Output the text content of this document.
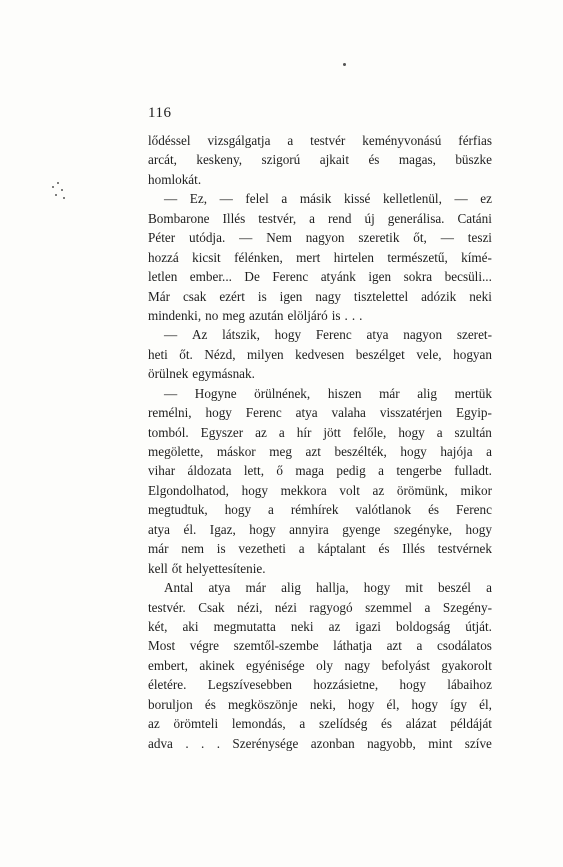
116
lődéssel vizsgálgatja a testvér keményvonású férfias
arcát, keskeny, szigorú ajkait és magas, büszke
homlokát.
— Ez, — felel a másik kissé kelletlenül, — ez
Bombarone Illés testvér, a rend új generálisa. Catáni
Péter utódja. — Nem nagyon szeretik őt, — teszi
hozzá kicsit félénken, mert hirtelen természetű, kímé-
letlen ember... De Ferenc atyánk igen sokra becsüli...
Már csak ezért is igen nagy tisztelettel adózik neki
mindenki, no meg azután elöljáró is . . .
— Az látszik, hogy Ferenc atya nagyon szeret-
heti őt. Nézd, milyen kedvesen beszélget vele, hogyan
örülnek egymásnak.
— Hogyne örülnének, hiszen már alig mertük
remélni, hogy Ferenc atya valaha visszatérjen Egyip-
tomból. Egyszer az a hír jött felőle, hogy a szultán
megölette, máskor meg azt beszélték, hogy hajója a
vihar áldozata lett, ő maga pedig a tengerbe fulladt.
Elgondolhatod, hogy mekkora volt az örömünk, mikor
megtudtuk, hogy a rémhírek valótlanok és Ferenc
atya él. Igaz, hogy annyira gyenge szegényke, hogy
már nem is vezetheti a káptalant és Illés testvérnek
kell őt helyettesítenie.
Antal atya már alig hallja, hogy mit beszél a
testvér. Csak nézi, nézi ragyogó szemmel a Szegény-
két, aki megmutatta neki az igazi boldogság útját.
Most végre szemtől-szembe láthatja azt a csodálatos
embert, akinek egyénisége oly nagy befolyást gyakorolt
életére. Legszívesebben hozzásietne, hogy lábaihoz
boruljon és megköszönje neki, hogy él, hogy így él,
az örömteli lemondás, a szelídség és alázat példáját
adva . . . Szerénysége azonban nagyobb, mint szíve
